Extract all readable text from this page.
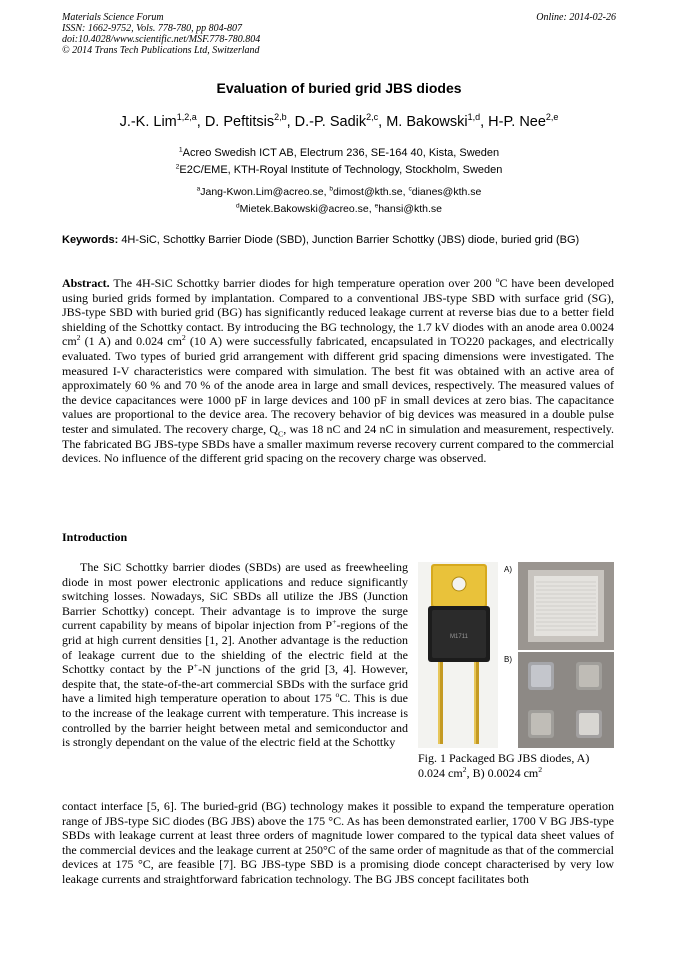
Materials Science Forum
ISSN: 1662-9752, Vols. 778-780, pp 804-807
doi:10.4028/www.scientific.net/MSF.778-780.804
© 2014 Trans Tech Publications Ltd, Switzerland
Online: 2014-02-26
Evaluation of buried grid JBS diodes
J.-K. Lim$^{1,2,a}$, D. Peftitsis$^{2,b}$, D.-P. Sadik$^{2,c}$, M. Bakowski$^{1,d}$, H-P. Nee$^{2,e}$
$^1$Acreo Swedish ICT AB, Electrum 236, SE-164 40, Kista, Sweden
$^2$E2C/EME, KTH-Royal Institute of Technology, Stockholm, Sweden
$^a$Jang-Kwon.Lim@acreo.se, $^b$dimost@kth.se, $^c$dianes@kth.se
$^d$Mietek.Bakowski@acreo.se, $^e$hansi@kth.se
Keywords: 4H-SiC, Schottky Barrier Diode (SBD), Junction Barrier Schottky (JBS) diode, buried grid (BG)
Abstract. The 4H-SiC Schottky barrier diodes for high temperature operation over 200 $^o$C have been developed using buried grids formed by implantation. Compared to a conventional JBS-type SBD with surface grid (SG), JBS-type SBD with buried grid (BG) has significantly reduced leakage current at reverse bias due to a better field shielding of the Schottky contact. By introducing the BG technology, the 1.7 kV diodes with an anode area 0.0024 $cm^2$ (1 A) and 0.024 $cm^2$ (10 A) were successfully fabricated, encapsulated in TO220 packages, and electrically evaluated. Two types of buried grid arrangement with different grid spacing dimensions were investigated. The measured I-V characteristics were compared with simulation. The best fit was obtained with an active area of approximately 60 % and 70 % of the anode area in large and small devices, respectively. The measured values of the device capacitances were 1000 pF in large devices and 100 pF in small devices at zero bias. The capacitance values are proportional to the device area. The recovery behavior of big devices was measured in a double pulse tester and simulated. The recovery charge, $Q_C$, was 18 nC and 24 nC in simulation and measurement, respectively. The fabricated BG JBS-type SBDs have a smaller maximum reverse recovery current compared to the commercial devices. No influence of the different grid spacing on the recovery charge was observed.
Introduction

The SiC Schottky barrier diodes (SBDs) are used as freewheeling diode in most power electronic applications and reduce significantly switching losses. Nowadays, SiC SBDs all utilize the JBS (Junction Barrier Schottky) concept. Their advantage is to improve the surge current capability by means of bipolar injection from P+-regions of the grid at high current densities [1, 2]. Another advantage is the reduction of leakage current due to the shielding of the electric field at the Schottky contact by the P+-N junctions of the grid [3, 4]. However, despite that, the state-of-the-art commercial SBDs with the surface grid have a limited high temperature operation to about 175 $^o$C. This is due to the increase of the leakage current with temperature. This increase is controlled by the barrier height between metal and semiconductor and is strongly dependant on the value of the electric field at the Schottky

M1711
A)
B)
Fig. 1 Packaged BG JBS diodes, A) 0.024 $cm^2$, B) 0.0024 $cm^2$

contact interface [5, 6]. The buried-grid (BG) technology makes it possible to expand the temperature operation range of JBS-type SiC diodes (BG JBS) above the 175 °C. As has been demonstrated earlier, 1700 V BG JBS-type SBDs with leakage current at least three orders of magnitude lower compared to the typical data sheet values of the commercial devices and the leakage current at 250°C of the same order of magnitude as that of the commercial devices at 175 °C, are feasible [7]. BG JBS-type SBD is a promising diode concept characterised by very low leakage currents and straightforward fabrication technology. The BG JBS concept facilitates both
